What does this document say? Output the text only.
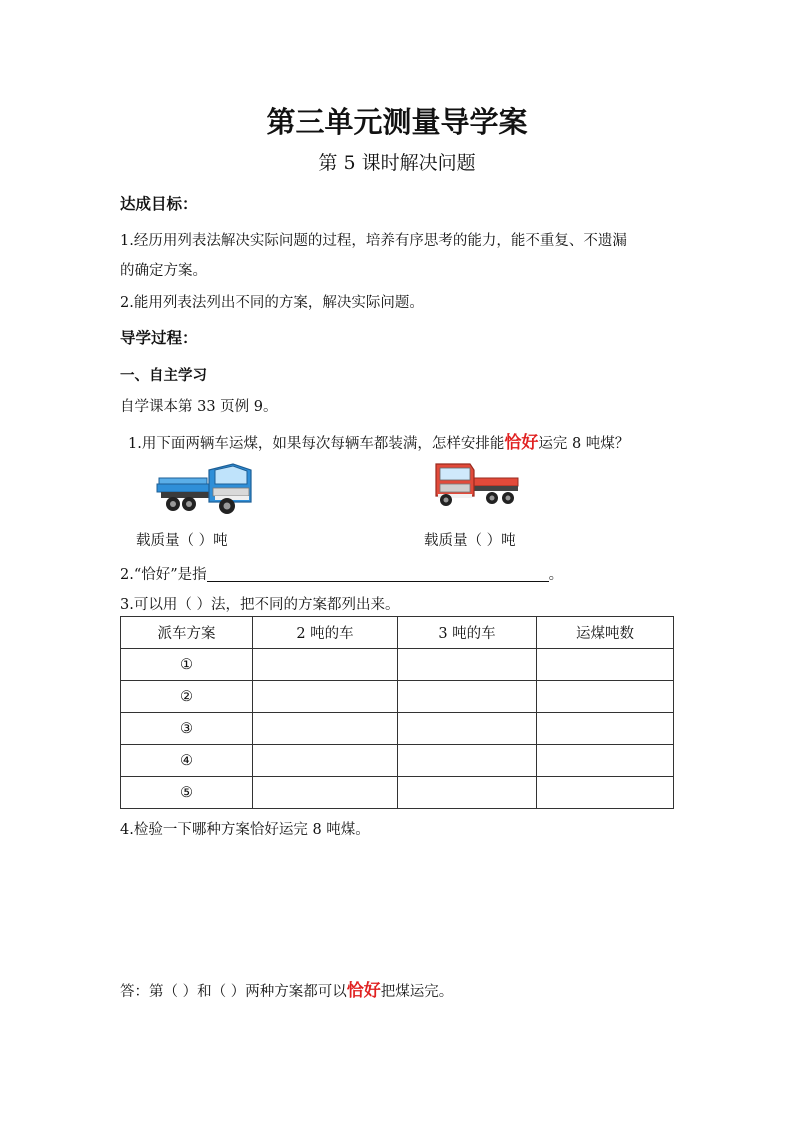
第三单元测量导学案
第 5 课时解决问题
达成目标：
1.经历用列表法解决实际问题的过程，培养有序思考的能力，能不重复、不遗漏
的确定方案。
2.能用列表法列出不同的方案，解决实际问题。
导学过程：
一、自主学习
自学课本第 33 页例 9。
1.用下面两辆车运煤，如果每次每辆车都装满，怎样安排能恰好运完 8 吨煤？
载质量（ ）吨	载质量（ ）吨
2.“恰好”是指	。
3.可以用（ ）法，把不同的方案都列出来。
派车方案	2 吨的车	3 吨的车	运煤吨数
①			
②			
③			
④			
⑤			
4.检验一下哪种方案恰好运完 8 吨煤。
答：第（ ）和（ ）两种方案都可以恰好把煤运完。
